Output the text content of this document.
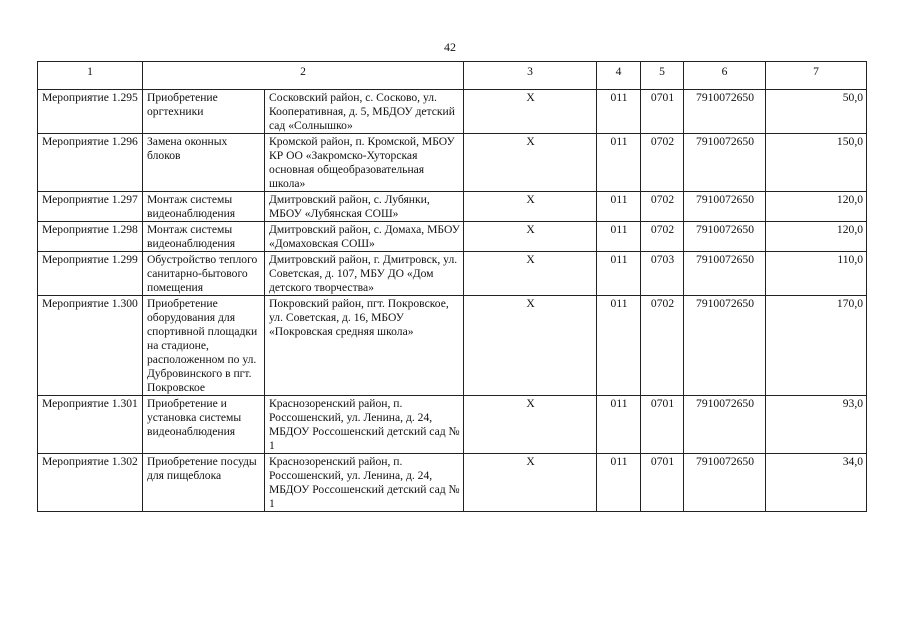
42
1	2		3	4	5	6	7
Мероприятие 1.295	Приобретение оргтехники	Сосковский район, с. Сосково, ул. Кооперативная, д. 5, МБДОУ детский сад «Солнышко»	Х	011	0701	7910072650	50,0
Мероприятие 1.296	Замена оконных блоков	Кромской район, п. Кромской, МБОУ КР ОО «Закромско-Хуторская основная общеобразовательная школа»	Х	011	0702	7910072650	150,0
Мероприятие 1.297	Монтаж системы видеонаблюдения	Дмитровский район, с. Лубянки, МБОУ «Лубянская СОШ»	Х	011	0702	7910072650	120,0
Мероприятие 1.298	Монтаж системы видеонаблюдения	Дмитровский район, с. Домаха, МБОУ «Домаховская СОШ»	Х	011	0702	7910072650	120,0
Мероприятие 1.299	Обустройство теплого санитарно-бытового помещения	Дмитровский район, г. Дмитровск, ул. Советская, д. 107, МБУ ДО «Дом детского творчества»	Х	011	0703	7910072650	110,0
Мероприятие 1.300	Приобретение оборудования для спортивной площадки на стадионе, расположенном по ул. Дубровинского в пгт. Покровское	Покровский район, пгт. Покровское, ул. Советская, д. 16, МБОУ «Покровская средняя школа»	Х	011	0702	7910072650	170,0
Мероприятие 1.301	Приобретение и установка системы видеонаблюдения	Краснозоренский район, п. Россошенский, ул. Ленина, д. 24, МБДОУ Россошенский детский сад № 1	Х	011	0701	7910072650	93,0
Мероприятие 1.302	Приобретение посуды для пищеблока	Краснозоренский район, п. Россошенский, ул. Ленина, д. 24, МБДОУ Россошенский детский сад № 1	Х	011	0701	7910072650	34,0
